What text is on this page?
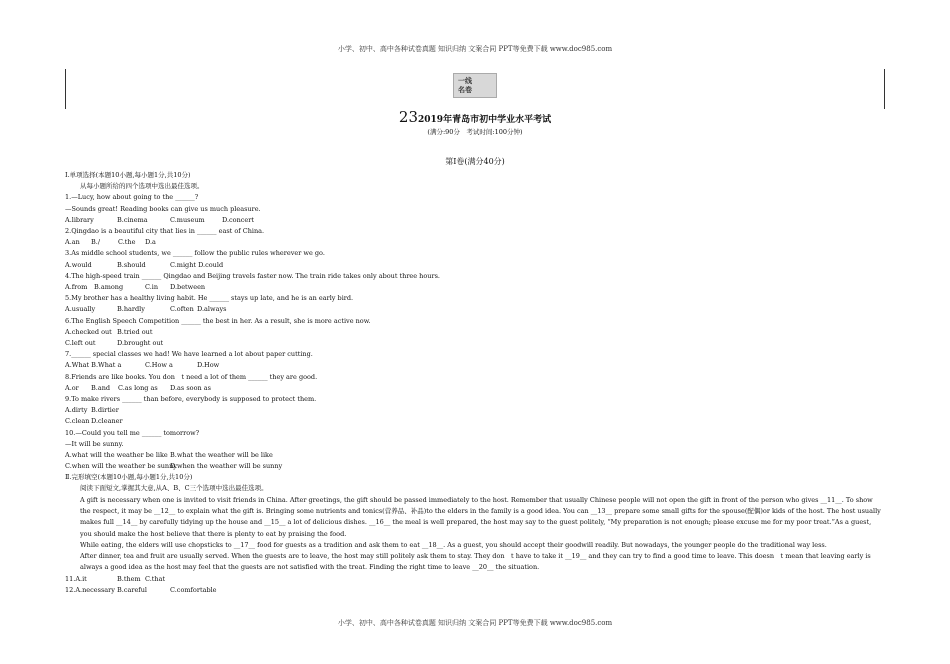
小学、初中、高中各种试卷真题 知识归纳 文案合同 PPT等免费下载 www.doc985.com
一线
名卷
232019年青岛市初中学业水平考试
(满分:90分　考试时间:100分钟)
第Ⅰ卷(满分40分)

Ⅰ.单项选择(本题10小题,每小题1分,共10分)

从每小题所给的四个选项中选出最佳选项。

1.—Lucy, how about going to the ______?

—Sounds great! Reading books can give us much pleasure.

A.library	B.cinema	C.museum	D.concert

2.Qingdao is a beautiful city that lies in ______ east of China.

A.an B./	C.the D.a

3.As middle school students, we ______ follow the public rules wherever we go.

A.would	B.should	C.might D.could

4.The high-speed train ______ Qingdao and Beijing travels faster now. The train ride takes only about three hours.

A.from B.among	C.in D.between

5.My brother has a healthy living habit. He ______ stays up late, and he is an early bird.

A.usually	B.hardly	C.often D.always

6.The English Speech Competition ______ the best in her. As a result, she is more active now.

A.checked out B.tried out
C.left out	D.brought out

7.______ special classes we had! We have learned a lot about paper cutting.

A.What B.What a	C.How a	D.How

8.Friends are like books. You don　t need a lot of them ______ they are good.

A.or B.and C.as long as D.as soon as

9.To make rivers ______ than before, everybody is supposed to protect them.

A.dirty B.dirtier
C.clean D.cleaner

10.—Could you tell me ______ tomorrow?

—It will be sunny.

A.what will the weather be like B.what the weather will be like
C.when will the weather be sunny
D.when the weather will be sunny

Ⅱ.完形填空(本题10小题,每小题1分,共10分)

阅读下面短文,掌握其大意,从A、B、C三个选项中选出最佳选项。

A gift is necessary when one is invited to visit friends in China. After greetings, the gift should be passed immediately to the host. Remember that usually Chinese people will not open the gift in front of the person who gives __11__. To show the respect, it may be __12__ to explain what the gift is. Bringing some nutrients and tonics(营养品、补品)to the elders in the family is a good idea. You can __13__ prepare some small gifts for the spouse(配偶)or kids of the host. The host usually makes full __14__ by carefully tidying up the house and __15__ a lot of delicious dishes. __16__ the meal is well prepared, the host may say to the guest politely, “My preparation is not enough; please excuse me for my poor treat.”As a guest, you should make the host believe that there is plenty to eat by praising the food.

While eating, the elders will use chopsticks to __17__ food for guests as a tradition and ask them to eat __18__. As a guest, you should accept their goodwill readily. But nowadays, the younger people do the traditional way less.

After dinner, tea and fruit are usually served. When the guests are to leave, the host may still politely ask them to stay. They don　t have to take it __19__ and they can try to find a good time to leave. This doesn　t mean that leaving early is always a good idea as the host may feel that the guests are not satisfied with the treat. Finding the right time to leave __20__ the situation.

11.A.it	B.them C.that
12.A.necessary B.careful	C.comfortable
小学、初中、高中各种试卷真题 知识归纳 文案合同 PPT等免费下载 www.doc985.com
